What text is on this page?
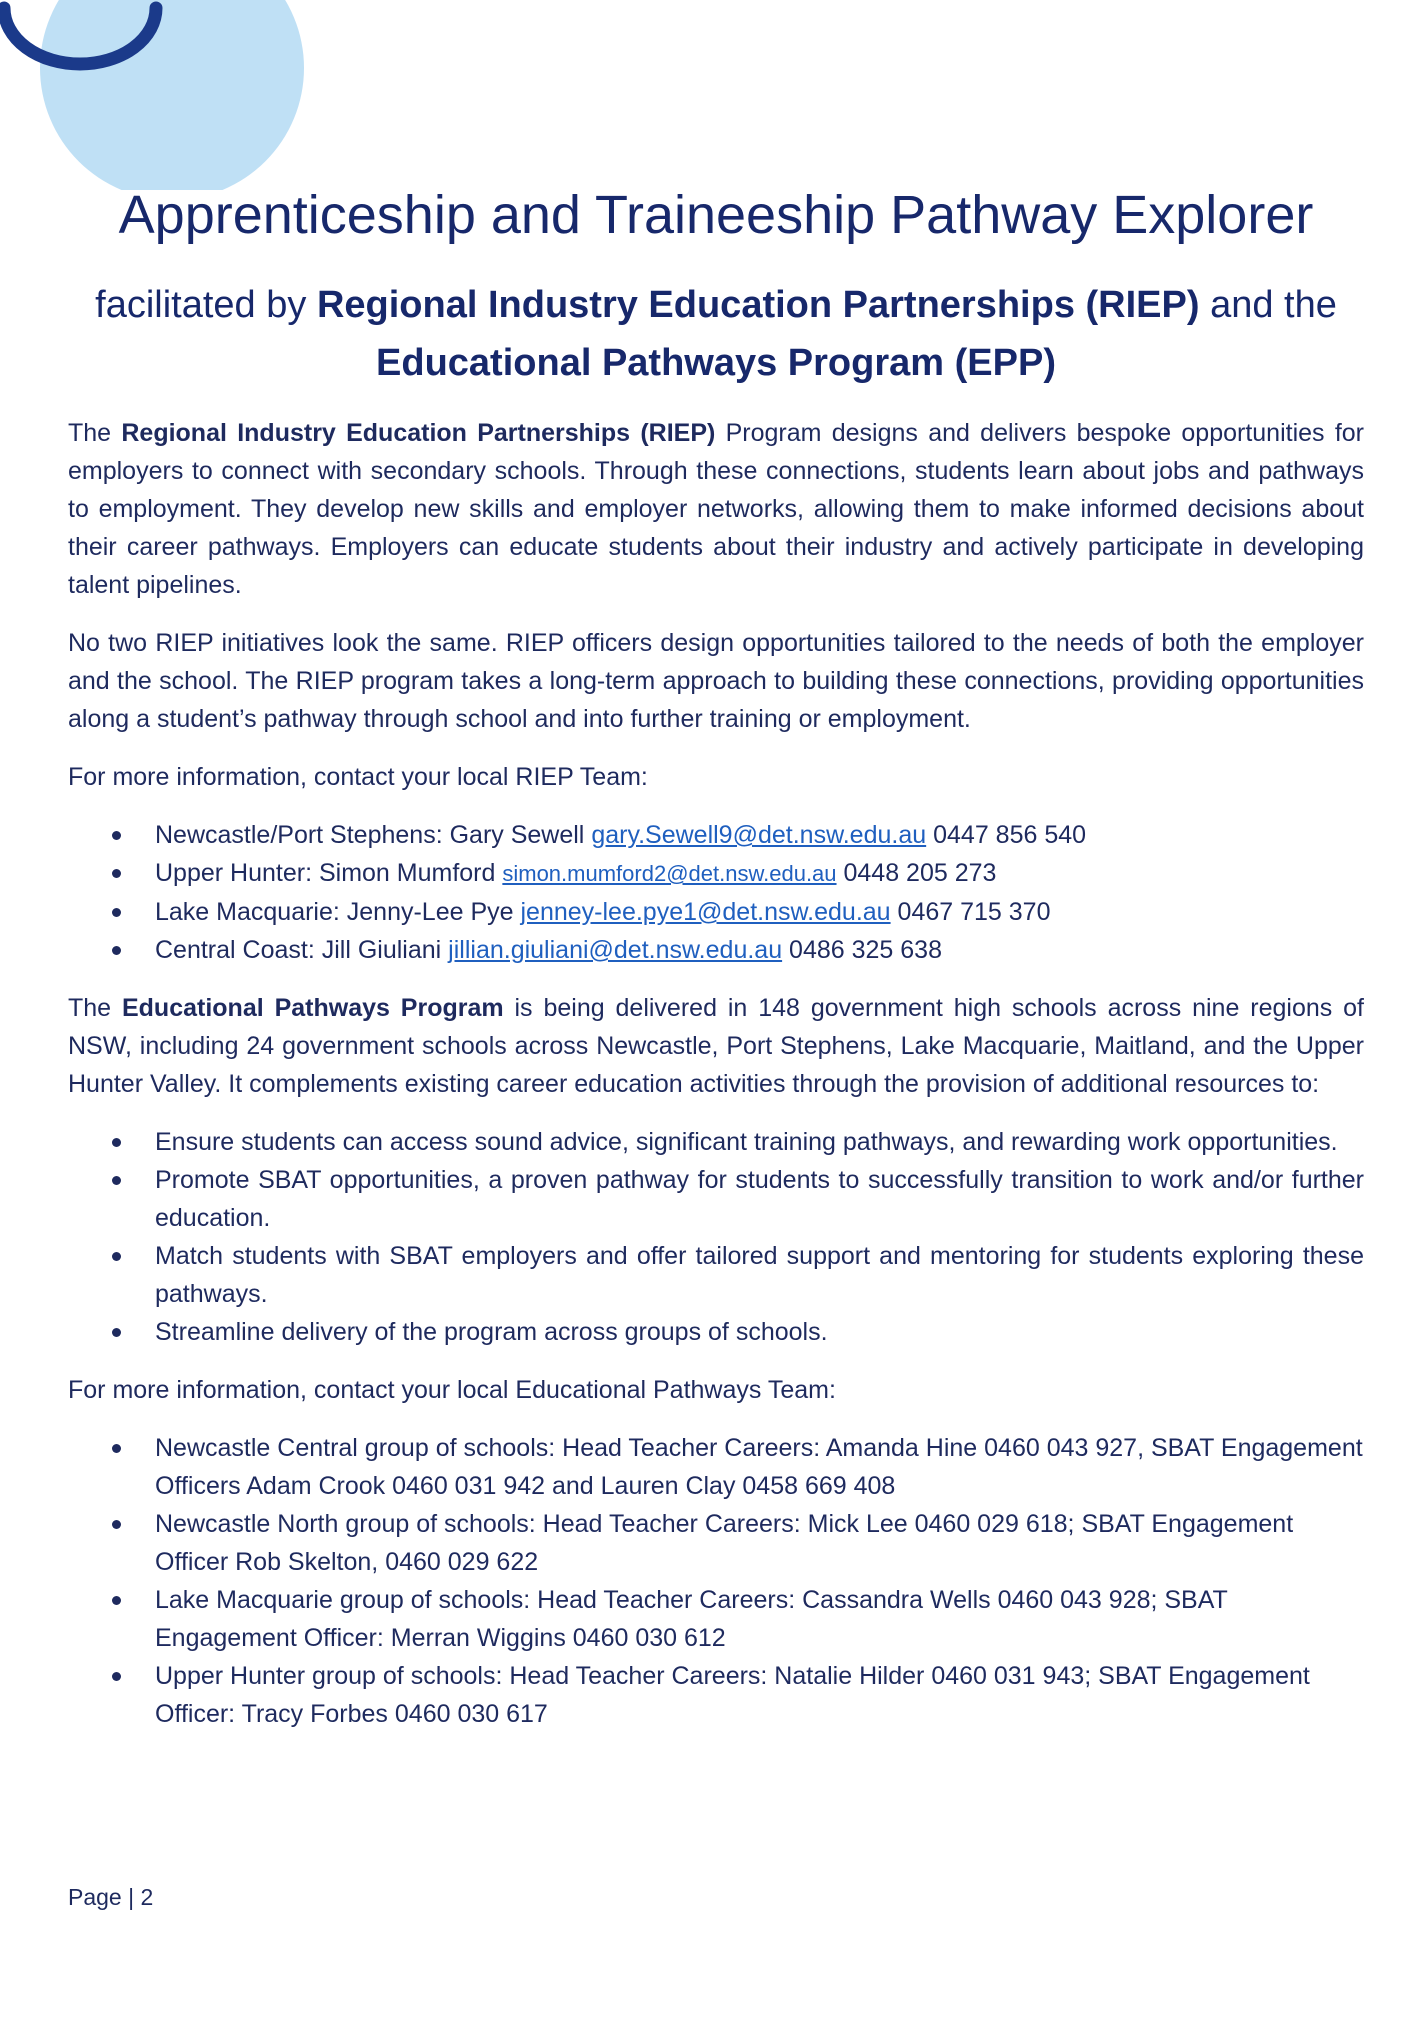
Apprenticeship and Traineeship Pathway Explorer
facilitated by Regional Industry Education Partnerships (RIEP) and the
Educational Pathways Program (EPP)

The Regional Industry Education Partnerships (RIEP) Program designs and delivers bespoke opportunities for employers to connect with secondary schools. Through these connections, students learn about jobs and pathways to employment. They develop new skills and employer networks, allowing them to make informed decisions about their career pathways. Employers can educate students about their industry and actively participate in developing talent pipelines.

No two RIEP initiatives look the same. RIEP officers design opportunities tailored to the needs of both the employer and the school. The RIEP program takes a long-term approach to building these connections, providing opportunities along a student’s pathway through school and into further training or employment.

For more information, contact your local RIEP Team:

Newcastle/Port Stephens: Gary Sewell gary.Sewell9@det.nsw.edu.au 0447 856 540
Upper Hunter: Simon Mumford simon.mumford2@det.nsw.edu.au 0448 205 273
Lake Macquarie: Jenny-Lee Pye jenney-lee.pye1@det.nsw.edu.au 0467 715 370
Central Coast: Jill Giuliani jillian.giuliani@det.nsw.edu.au 0486 325 638

The Educational Pathways Program is being delivered in 148 government high schools across nine regions of NSW, including 24 government schools across Newcastle, Port Stephens, Lake Macquarie, Maitland, and the Upper Hunter Valley. It complements existing career education activities through the provision of additional resources to:

Ensure students can access sound advice, significant training pathways, and rewarding work opportunities.
Promote SBAT opportunities, a proven pathway for students to successfully transition to work and/or further education.
Match students with SBAT employers and offer tailored support and mentoring for students exploring these pathways.
Streamline delivery of the program across groups of schools.

For more information, contact your local Educational Pathways Team:

Newcastle Central group of schools: Head Teacher Careers: Amanda Hine 0460 043 927, SBAT Engagement Officers Adam Crook 0460 031 942 and Lauren Clay 0458 669 408
Newcastle North group of schools: Head Teacher Careers: Mick Lee 0460 029 618; SBAT Engagement Officer Rob Skelton, 0460 029 622
Lake Macquarie group of schools: Head Teacher Careers: Cassandra Wells 0460 043 928; SBAT Engagement Officer: Merran Wiggins 0460 030 612
Upper Hunter group of schools: Head Teacher Careers: Natalie Hilder 0460 031 943; SBAT Engagement Officer: Tracy Forbes 0460 030 617
Page | 2
